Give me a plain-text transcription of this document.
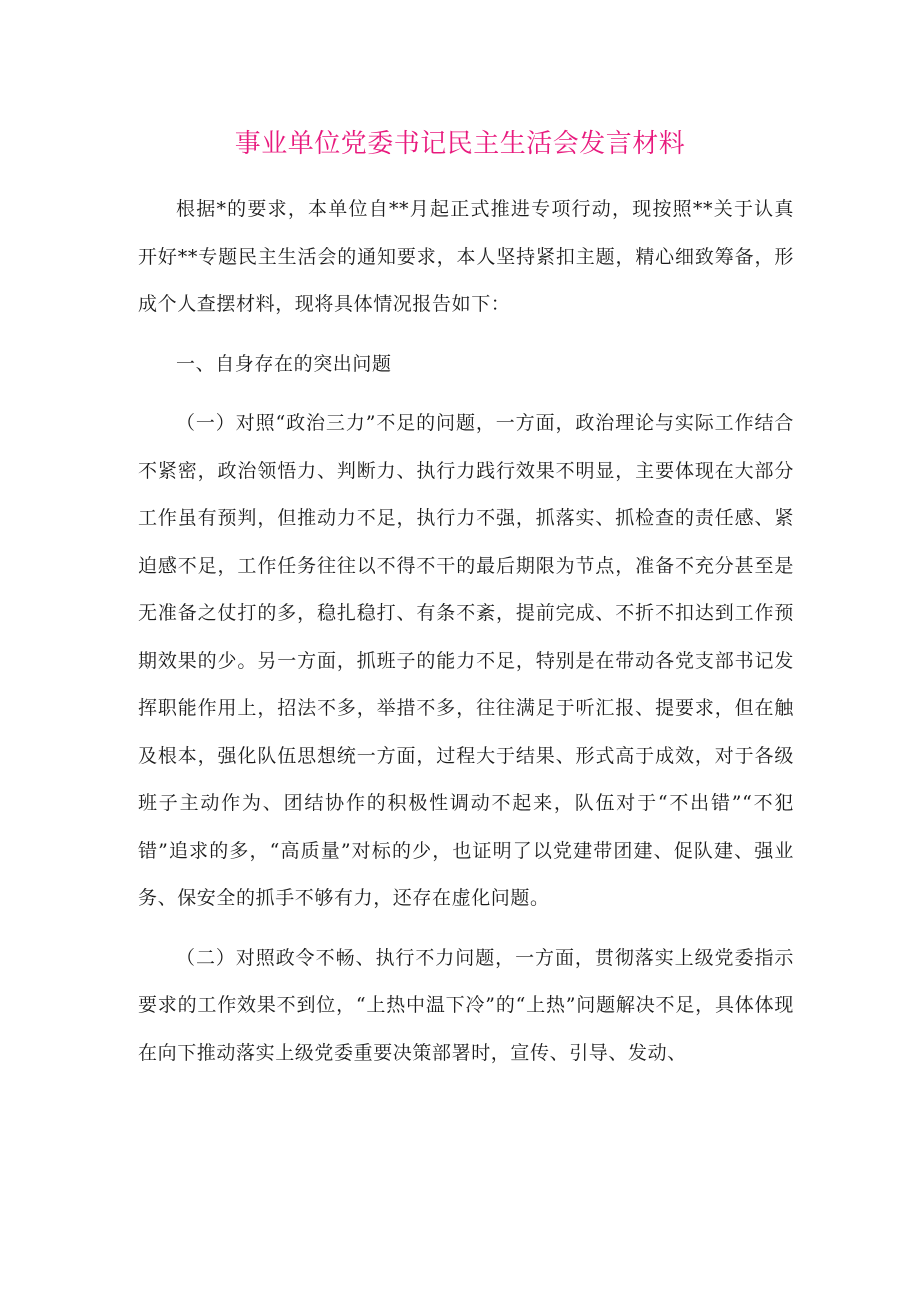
事业单位党委书记民主生活会发言材料

根据*的要求，本单位自**月起正式推进专项行动，现按照**关于认真开好**专题民主生活会的通知要求，本人坚持紧扣主题，精心细致筹备，形成个人查摆材料，现将具体情况报告如下：

一、自身存在的突出问题

（一）对照“政治三力”不足的问题，一方面，政治理论与实际工作结合不紧密，政治领悟力、判断力、执行力践行效果不明显，主要体现在大部分工作虽有预判，但推动力不足，执行力不强，抓落实、抓检查的责任感、紧迫感不足，工作任务往往以不得不干的最后期限为节点，准备不充分甚至是无准备之仗打的多，稳扎稳打、有条不紊，提前完成、不折不扣达到工作预期效果的少。另一方面，抓班子的能力不足，特别是在带动各党支部书记发挥职能作用上，招法不多，举措不多，往往满足于听汇报、提要求，但在触及根本，强化队伍思想统一方面，过程大于结果、形式高于成效，对于各级班子主动作为、团结协作的积极性调动不起来，队伍对于“不出错”“不犯错”追求的多，“高质量”对标的少，也证明了以党建带团建、促队建、强业务、保安全的抓手不够有力，还存在虚化问题。

（二）对照政令不畅、执行不力问题，一方面，贯彻落实上级党委指示要求的工作效果不到位，“上热中温下冷”的“上热”问题解决不足，具体体现在向下推动落实上级党委重要决策部署时，宣传、引导、发动、
